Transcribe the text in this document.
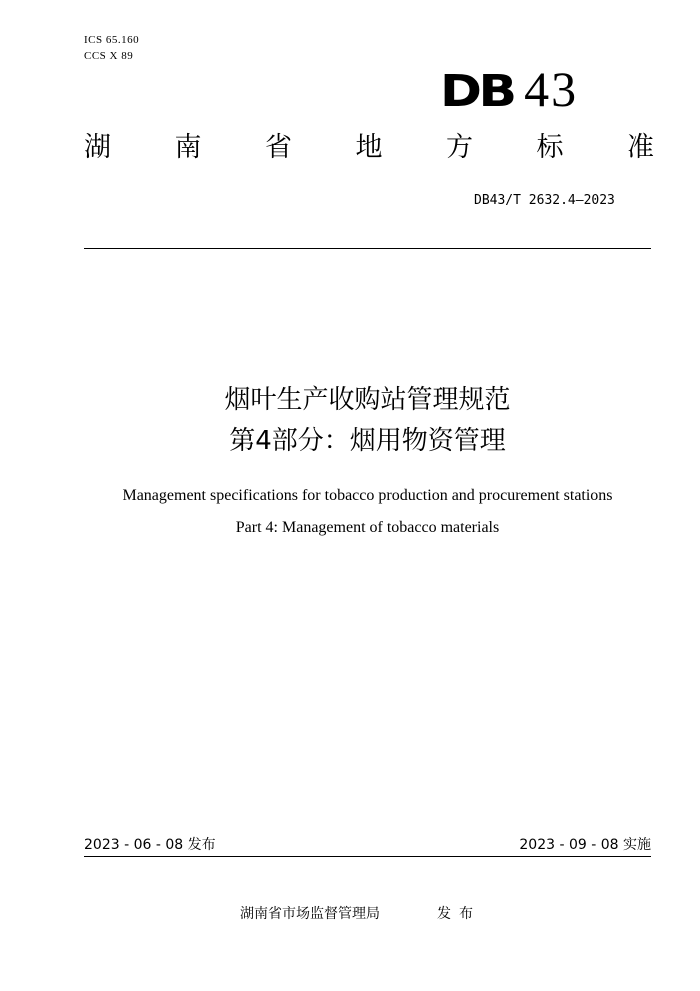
ICS 65.160
CCS X 89
DB 43
湖 南 省 地 方 标 准
DB43/T 2632.4—2023
烟叶生产收购站管理规范
第4部分：烟用物资管理
Management specifications for tobacco production and procurement stations
Part 4: Management of tobacco materials
2023 - 06 - 08 发布	2023 - 09 - 08 实施
湖南省市场监督管理局	发布
